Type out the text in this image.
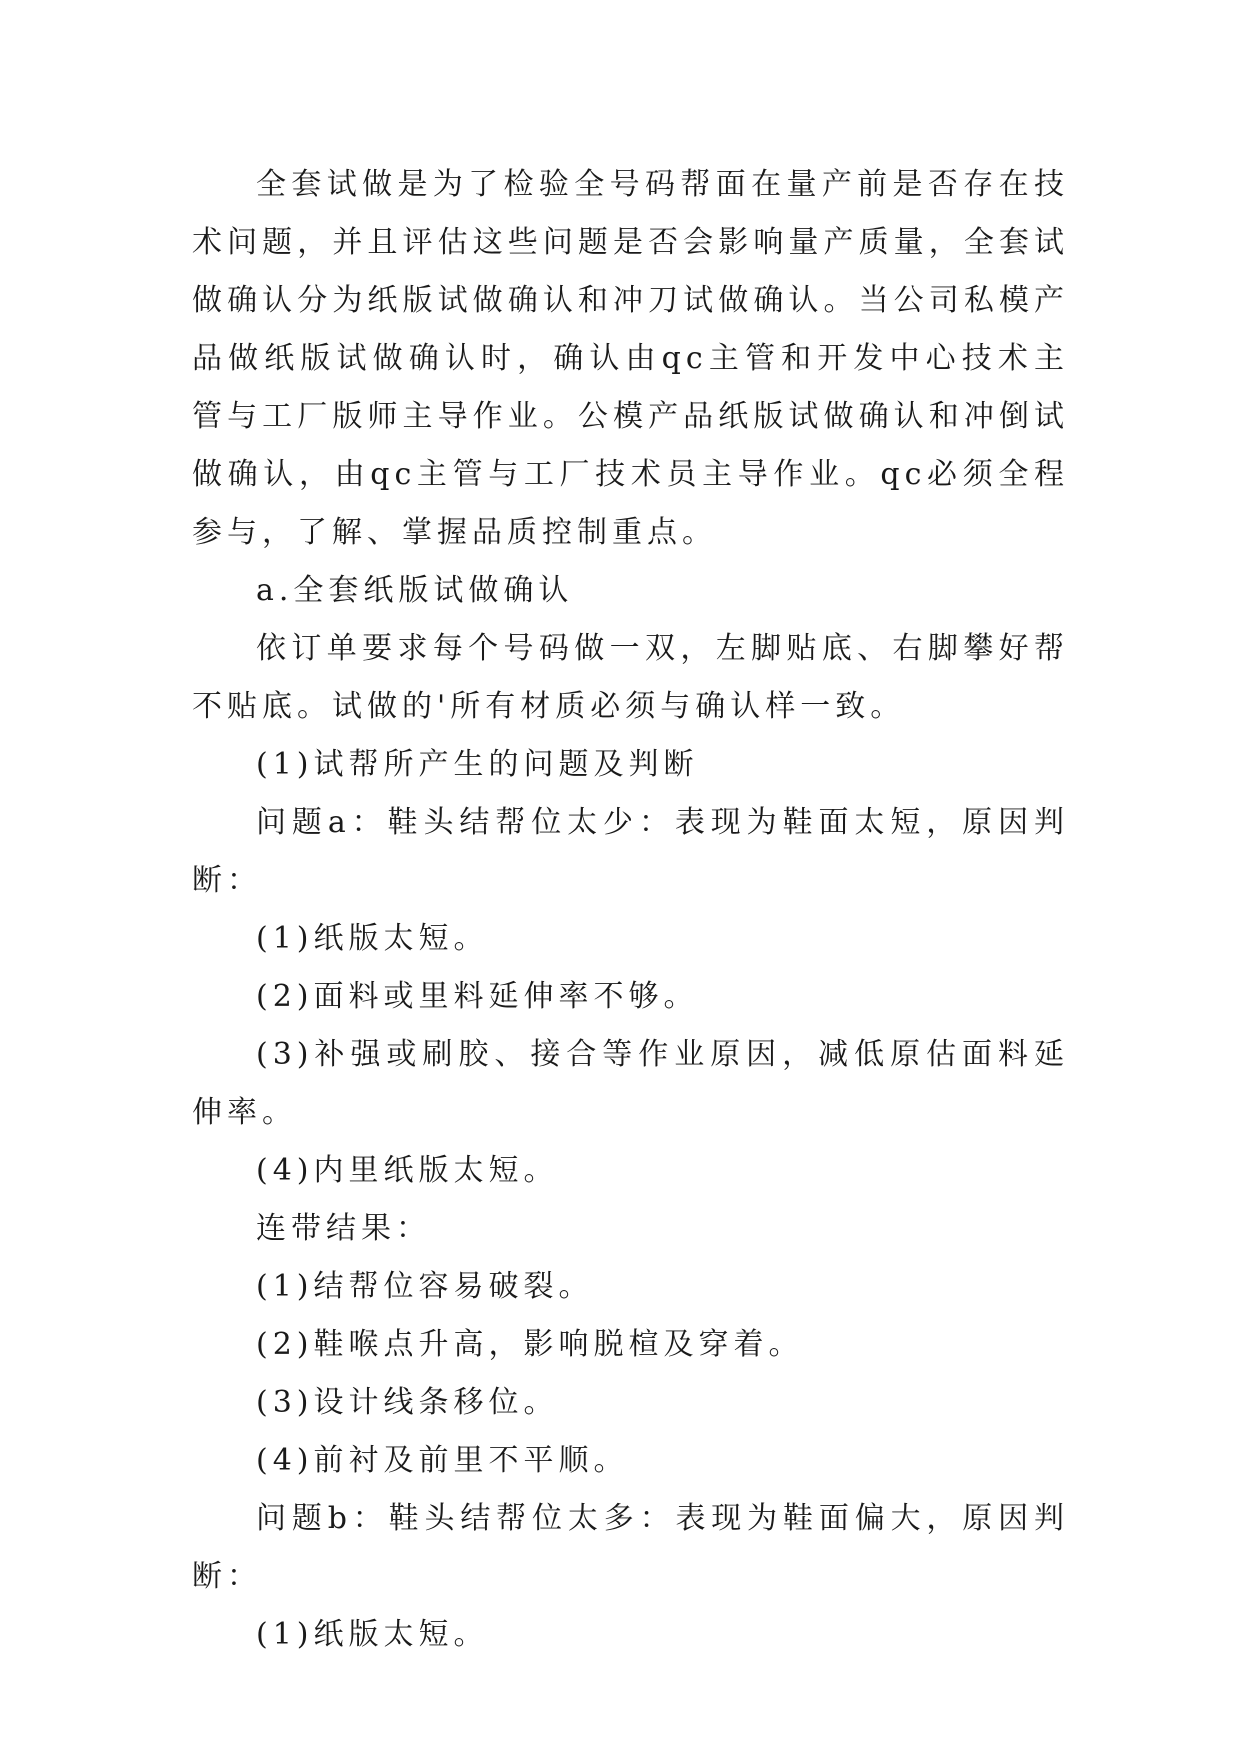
全套试做是为了检验全号码帮面在量产前是否存在技术问题，并且评估这些问题是否会影响量产质量，全套试做确认分为纸版试做确认和冲刀试做确认。当公司私模产品做纸版试做确认时，确认由qc主管和开发中心技术主管与工厂版师主导作业。公模产品纸版试做确认和冲倒试做确认，由qc主管与工厂技术员主导作业。qc必须全程参与，了解、掌握品质控制重点。

a.全套纸版试做确认

依订单要求每个号码做一双，左脚贴底、右脚攀好帮不贴底。试做的'所有材质必须与确认样一致。

(1)试帮所产生的问题及判断

问题a：鞋头结帮位太少：表现为鞋面太短，原因判断：

(1)纸版太短。

(2)面料或里料延伸率不够。

(3)补强或刷胶、接合等作业原因，减低原估面料延伸率。

(4)内里纸版太短。

连带结果：

(1)结帮位容易破裂。

(2)鞋喉点升高，影响脱楦及穿着。

(3)设计线条移位。

(4)前衬及前里不平顺。

问题b：鞋头结帮位太多：表现为鞋面偏大，原因判断：

(1)纸版太短。
